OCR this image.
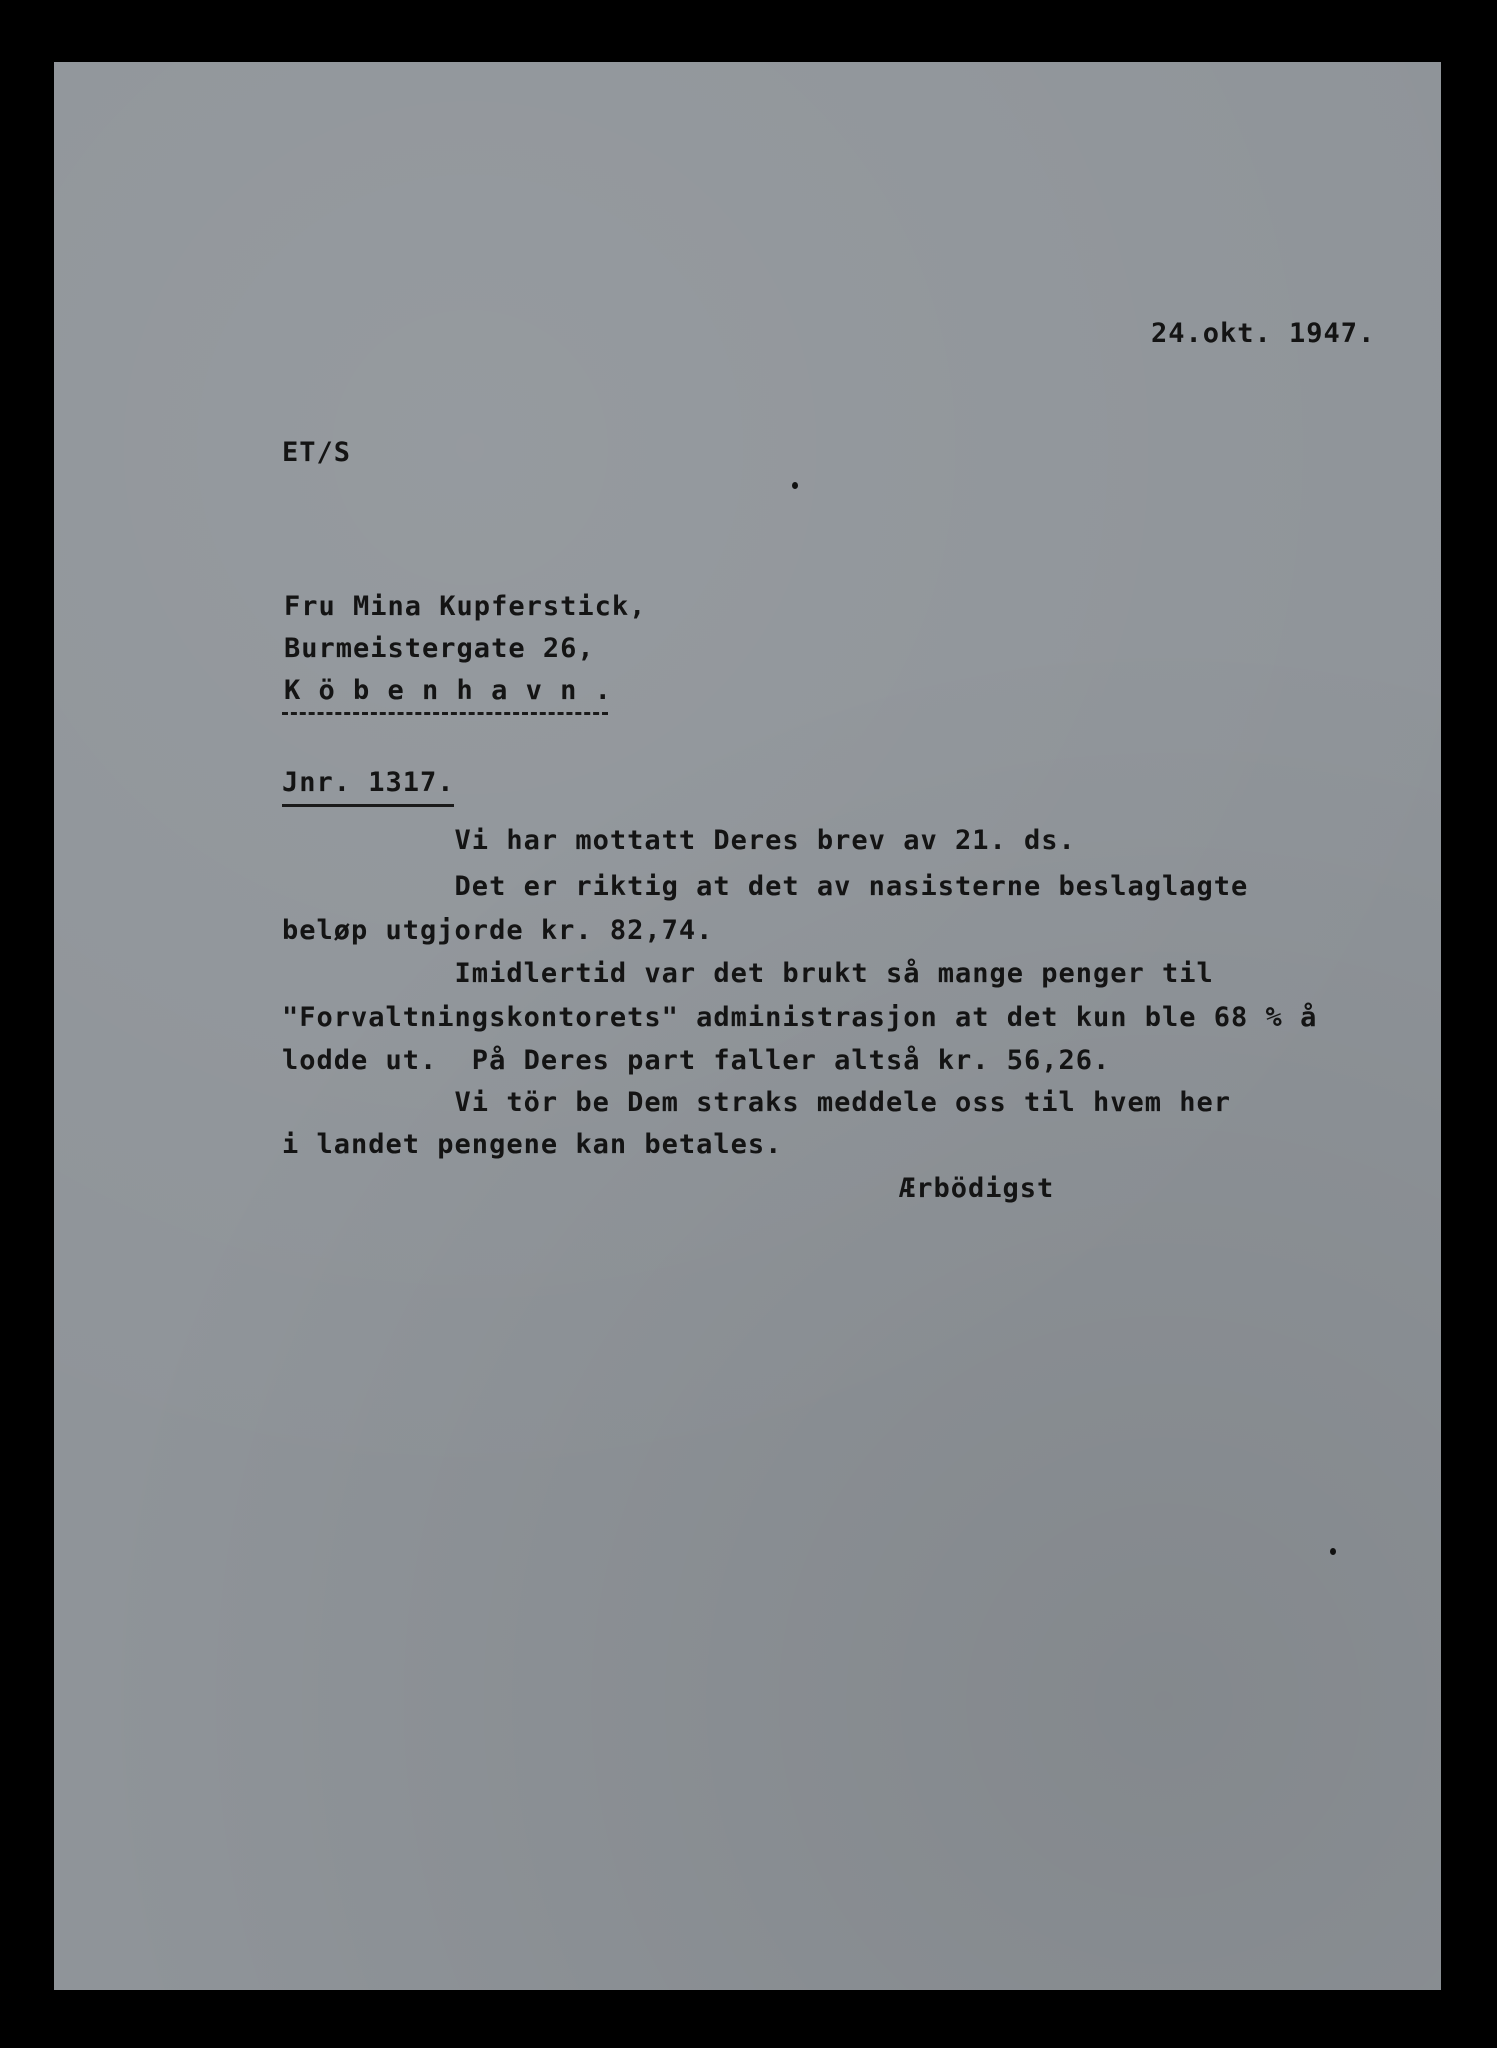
24.okt. 1947.

ET/S

Fru Mina Kupferstick,

Burmeistergate 26,

K ö b e n h a v n .

Jnr. 1317.

Vi har mottatt Deres brev av 21. ds.

Det er riktig at det av nasisterne beslaglagte

beløp utgjorde kr. 82,74.

Imidlertid var det brukt så mange penger til

"Forvaltningskontorets" administrasjon at det kun ble 68 % å

lodde ut.  På Deres part faller altså kr. 56,26.

Vi tör be Dem straks meddele oss til hvem her

i landet pengene kan betales.

Ærbödigst
